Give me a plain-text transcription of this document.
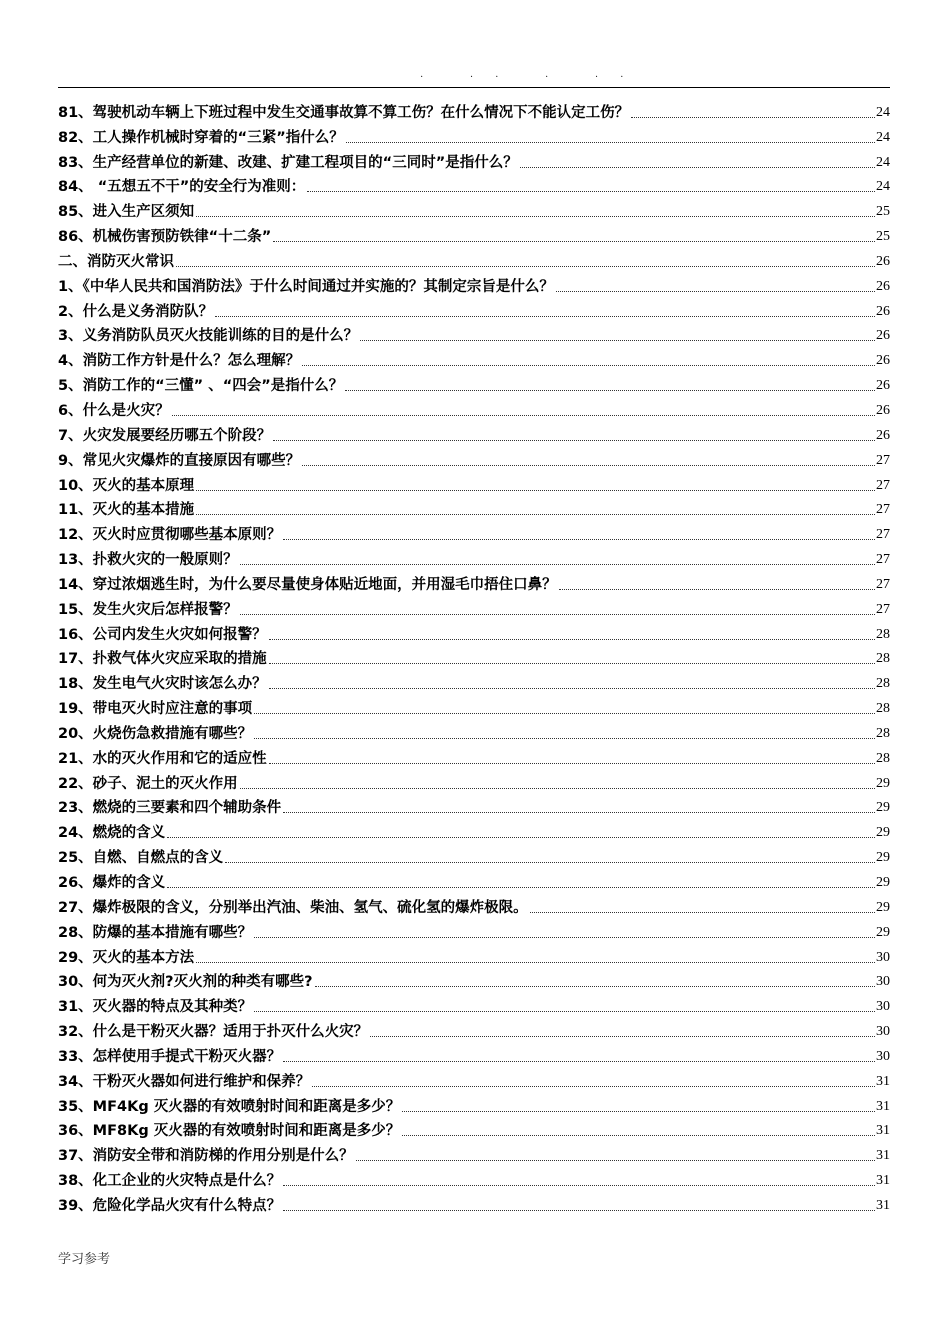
· ·· · ··
81、驾驶机动车辆上下班过程中发生交通事故算不算工伤？在什么情况下不能认定工伤？	24
82、工人操作机械时穿着的“三紧”指什么？	24
83、生产经营单位的新建、改建、扩建工程项目的“三同时”是指什么？	24
84、 “五想五不干”的安全行为准则：	24
85、进入生产区须知	25
86、机械伤害预防铁律“十二条”	25
二、消防灭火常识	26
1、《中华人民共和国消防法》于什么时间通过并实施的？其制定宗旨是什么？	26
2、什么是义务消防队？	26
3、义务消防队员灭火技能训练的目的是什么？	26
4、消防工作方针是什么？怎么理解？	26
5、消防工作的“三懂” 、“四会”是指什么？	26
6、什么是火灾？	26
7、火灾发展要经历哪五个阶段？	26
9、常见火灾爆炸的直接原因有哪些？	27
10、灭火的基本原理	27
11、灭火的基本措施	27
12、灭火时应贯彻哪些基本原则？	27
13、扑救火灾的一般原则？	27
14、穿过浓烟逃生时，为什么要尽量使身体贴近地面，并用湿毛巾捂住口鼻？	27
15、发生火灾后怎样报警？	27
16、公司内发生火灾如何报警？	28
17、扑救气体火灾应采取的措施	28
18、发生电气火灾时该怎么办？	28
19、带电灭火时应注意的事项	28
20、火烧伤急救措施有哪些？	28
21、水的灭火作用和它的适应性	28
22、砂子、泥土的灭火作用	29
23、燃烧的三要素和四个辅助条件	29
24、燃烧的含义	29
25、自燃、自燃点的含义	29
26、爆炸的含义	29
27、爆炸极限的含义，分别举出汽油、柴油、氢气、硫化氢的爆炸极限。	29
28、防爆的基本措施有哪些？	29
29、灭火的基本方法	30
30、何为灭火剂?灭火剂的种类有哪些?	30
31、灭火器的特点及其种类？	30
32、什么是干粉灭火器？适用于扑灭什么火灾？	30
33、怎样使用手提式干粉灭火器？	30
34、干粉灭火器如何进行维护和保养？	31
35、MF4Kg 灭火器的有效喷射时间和距离是多少？	31
36、MF8Kg 灭火器的有效喷射时间和距离是多少？	31
37、消防安全带和消防梯的作用分别是什么？	31
38、化工企业的火灾特点是什么？	31
39、危险化学品火灾有什么特点？	31
学习参考
